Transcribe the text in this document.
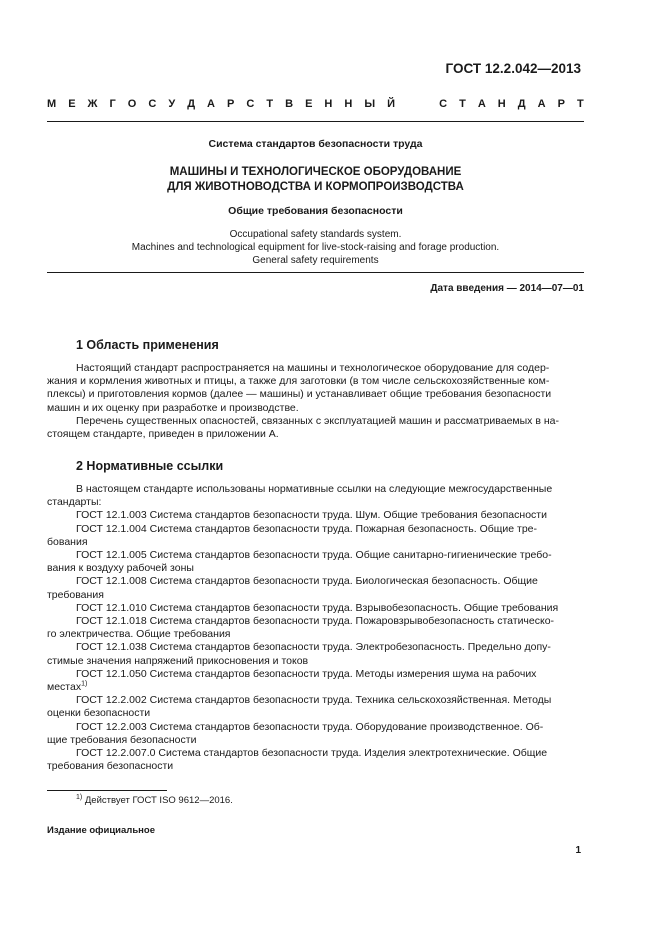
ГОСТ 12.2.042—2013
М Е Ж Г О С У Д А Р С Т В Е Н Н Ы Й	С Т А Н Д А Р Т
Система стандартов безопасности труда
МАШИНЫ И ТЕХНОЛОГИЧЕСКОЕ ОБОРУДОВАНИЕ
ДЛЯ ЖИВОТНОВОДСТВА И КОРМОПРОИЗВОДСТВА
Общие требования безопасности
Occupational safety standards system.
Machines and technological equipment for live-stock-raising and forage production.
General safety requirements
Дата введения — 2014—07—01
1 Область применения
Настоящий стандарт распространяется на машины и технологическое оборудование для содер-
жания и кормления животных и птицы, а также для заготовки (в том числе сельскохозяйственные ком-
плексы) и приготовления кормов (далее — машины) и устанавливает общие требования безопасности
машин и их оценку при разработке и производстве.
Перечень существенных опасностей, связанных с эксплуатацией машин и рассматриваемых в на-
стоящем стандарте, приведен в приложении А.
2 Нормативные ссылки
В настоящем стандарте использованы нормативные ссылки на следующие межгосударственные
стандарты:
ГОСТ 12.1.003 Система стандартов безопасности труда. Шум. Общие требования безопасности
ГОСТ 12.1.004 Система стандартов безопасности труда. Пожарная безопасность. Общие тре-
бования
ГОСТ 12.1.005 Система стандартов безопасности труда. Общие санитарно-гигиенические требо-
вания к воздуху рабочей зоны
ГОСТ 12.1.008 Система стандартов безопасности труда. Биологическая безопасность. Общие
требования
ГОСТ 12.1.010 Система стандартов безопасности труда. Взрывобезопасность. Общие требования
ГОСТ 12.1.018 Система стандартов безопасности труда. Пожаровзрывобезопасность статическо-
го электричества. Общие требования
ГОСТ 12.1.038 Система стандартов безопасности труда. Электробезопасность. Предельно допу-
стимые значения напряжений прикосновения и токов
ГОСТ 12.1.050 Система стандартов безопасности труда. Методы измерения шума на рабочих
местах$^{1)}$
ГОСТ 12.2.002 Система стандартов безопасности труда. Техника сельскохозяйственная. Методы
оценки безопасности
ГОСТ 12.2.003 Система стандартов безопасности труда. Оборудование производственное. Об-
щие требования безопасности
ГОСТ 12.2.007.0 Система стандартов безопасности труда. Изделия электротехнические. Общие
требования безопасности
$^{1)}$ Действует ГОСТ ISO 9612—2016.
Издание официальное
1
